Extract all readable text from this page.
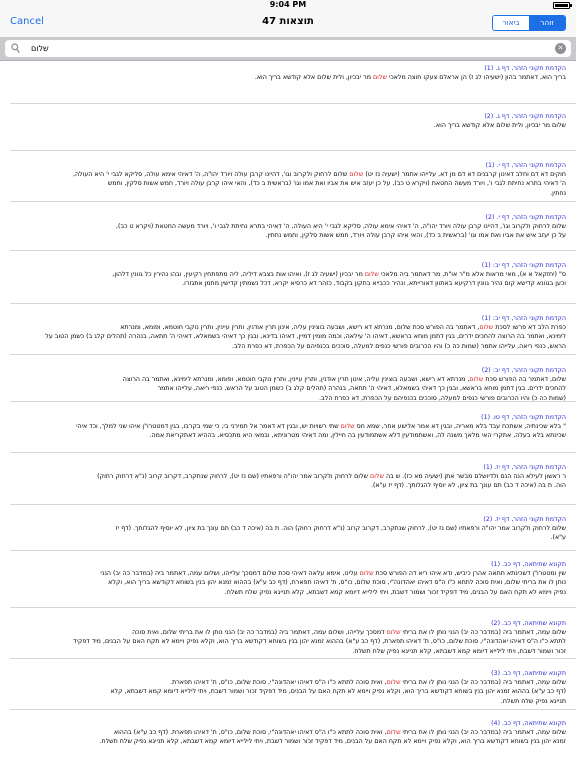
9:04 PM
Cancel	47 תוצאות	ביאור	זוהר
שלום
✕
הקדמת תקוני הזהר, דף ג. (1)
בריך הוא, דאתמר בהון (ישעיהו לג ז) הן אראלם צעקו חוצה מלאכי שלום מר יבכיון, ולית שלום אלא קודשא בריך הוא.
הקדמת תקוני הזהר, דף ג. (2)
שלום מר יבכיון, ולית שלום אלא קודשא בריך הוא.
הקדמת תקוני הזהר, דף י. (1)
חוקים דא דם וחלב דאינון קרבנים דא דם מן דא, עלייהו אתמר (ישעיה נז יט) שלום שלום לרחוק ולקרוב וגו', דהיינו קרבן עולה ויורד יהו"ה, ה' דאיהי אימא עולה, סליקא לגבי י' היא העולה,
ה' דאיהי בתרא נחיתת לגבי ו', ויורד מעשה החטאת (ויקרא ט כב), על כן יעזב איש את אביו ואת אמו וגו' (בראשית ב כד), והאי איהו קרבן עולה ויורד, חמש אשות סלקין, וחמש
נחתין.
הקדמת תקוני הזהר, דף י. (2)
שלום לרחוק ולקרוב וגו', דהיינו קרבן עולה ויורד יהו"ה, ה' דאיהי אימא עולה, סליקא לגבי י' היא העולה, ה' דאיהי בתרא נחיתת לגבי ו', ויורד מעשה החטאת (ויקרא ט כב),
על כן יעזב איש את אביו ואת אמו וגו' (בראשית ב כד), והאי איהו קרבן עולה ויורד, חמש אשות סלקין, וחמש נחתין.
הקדמת תקוני הזהר, דף יב: (1)
ס" (יחזקאל א א), מאי מראות אלא מ"ר או"ת, מר דאתמר ביה מלאכי שלום מר יבכיון (ישעיה לג ז), ואיהו אות בצבא דיליה, ליה מתפתחין רקיעין, ובהו נהירין כל גוונין דלהון,
וכען בגוונא קדישא קום נהיר גוונין דרקיעא באתוון דאורייתא, ונהיר ככבייא בתקון בקבוד, כזהר דא כרסיא יקרא, דכל נשמתין קדישין מתמן אתגזרו.
הקדמת תקוני הזהר, דף יב: (1)
כפרת הלב דא פרשו לסכת שלום, דאתמר בה הפורש סכת שלום, מנרתא דא רישא, ושבעה בוצינין עליה, אינון תרין אודנין, ותרין עיינין, ותרין נוקבי חוטמא, ופומא, ומנרתא
לימינא, ואתמר בה הרוצה להחכים ידרים, בגין דתמן מוחא בראשא, דאיהו ה' עילאה, וכמה מומין דמיין, דאיהו בדינא, ובגין כך דאיהי בשמאלא, דאיהי ה' תתאה, בנהרה (תהלים קלג ב) כשמן הטוב על
הראש, כנפי ריאה, עלייהו אתמר (שמות כה כ) והיו הכרובים פורשי כנפים למעלה, סוככים בכנפיהם על הכפרת, דא כפרת הלב.
הקדמת תקוני הזהר, דף יב: (2)
שלום, דאתמר בה הפורש סכת שלום, מנרתא דא רישא, ושבעה בוצינין עליה, אינון תרין אודנין, ותרין עיינין, ותרין נוקבי חוטמא, ופומא, ומנרתא לימינא, ואתמר בה הרוצה
להחכים ידרים, בגין דתמן מוחא בראשא, ובגין כך דאיהי בשמאלא, דאיהי ה' תתאה, בנהרה (תהלים קלג ב) כשמן הטוב על הראש, כנפי ריאה, עלייהו אתמר
(שמות כה כ) והיו הכרובים פורשי כנפים למעלה, סוככים בכנפיהם על הכפרת, דא כפרת הלב.
הקדמת תקוני הזהר, דף טו. (1)
" בלא שכינתיה, אשתכח עבד בלא מאריה, ובגין דא אמר אלישע אחר, שמא חס שלום שתי רשויות יש, ובגין דא דאמר אל תמירני בי, כי שמי בקרבו, בגין דמטטרו"ן איהו שני למלך, וכד איהי
שכינתא בלא בעלה, אתקרי האי מלאך משנה לה, ואשתמודעין דלא אשתמודעין בה חיילין, ומה דאיהי מטרוניתא, ובמאי היא מתכסיא, בההיא דאתקריאת אמה.
הקדמת תקוני הזהר, דף יז. (1)
ר ראשון לעילא הנה הנם ולדיושלם מבשר אתן (ישעיה מא כז). ש בה שלום שלום לרחוק ולקרוב אמר יהו"ה ורפאתיו (שם נז יט), לרחוק שנתקרב, דקרוב קרוב (נ"א דרחוק רחוק)
הוה. ת בה (איכה ד כב) תם עונך בת ציון, לא יוסיף להגלותך. (דף יז ע"א).
הקדמת תקוני הזהר, דף יז. (2)
שלום לרחוק ולקרוב אמר יהו"ה ורפאתיו (שם נז יט), לרחוק שנתקרב, דקרוב קרוב (נ"א דרחוק רחוק) הוה. ת בה (איכה ד כב) תם עונך בת ציון, לא יוסיף להגלותך. (דף יז
ע"א).
תקונא שתיתאה, דף כב. (1)
שין ומטטרו"ן דשכינתא תתאה אהרן כיביש, ודא איהו ריא דה הפורש סכת שלום עלינו, אימא עלאה דאיהי סכת שלום דמסכך עלייהו, ושלום עמה, דאתמר ביה (במדבר כה יב) הנני
נותן לו את בריתי שלום, ואית סוכה לתתא כ"ו ה"ס דאיהו יאהדונה"י, סוכת שלום, כו"ס, ת' דאיהו תפארת, (דף כב ע"א) בההוא זמנא יהון בנין בשוחא דקודשא בריך הוא, וקלא
נפיק ויימא לא תקח האם על הבנים, מיד דפקיד זכור ושמור דשבת, ויתי לילייא דיומא קמא דשבתא, קלא תנייגא נפיק שלח תשלח.
תקונא שתיתאה, דף כב. (2)
שלום עמה, דאתמר ביה (במדבר כה יב) הנני נותן לו את בריתי שלום דמסכך עלייהו, ושלום עמה, דאתמר ביה (במדבר כה יב) הנני נותן לו את בריתי שלום, ואית סוכה
לתתא כ"ו ה"ס דאיהו יאהדונה"י, סוכת שלום, כו"ס, ת' דאיהו תפארת, (דף כב ע"א) בההוא זמנא יהון בנין בשוחא דקודשא בריך הוא, וקלא נפיק ויימא לא תקח האם על הבנים, מיד דפקיד
זכור ושמור דשבת, ויתי לילייא דיומא קמא דשבתא, קלא תנייגא נפיק שלח תשלח.
תקונא שתיתאה, דף כב. (3)
שלום עמה, דאתמר ביה (במדבר כה יב) הנני נותן לו את בריתי שלום, ואית סוכה לתתא כ"ו ה"ס דאיהו יאהדונה"י, סוכת שלום, כו"ס, ת' דאיהו תפארת.
(דף כב ע"א) בההוא זמנא יהון בנין בשוחא דקודשא בריך הוא, וקלא נפיק ויימא לא תקח האם על הבנים, מיד דפקיד זכור ושמור דשבת, ויתי לילייא דיומא קמא דשבתא, קלא
תנייגא נפיק שלח תשלח.
תקונא שתיתאה, דף כב. (4)
שלום עמה, דאתמר ביה (במדבר כה יב) הנני נותן לו את בריתי שלום, ואית סוכה לתתא כ"ו ה"ס דאיהו יאהדונה"י, סוכת שלום, כו"ס, ת' דאיהו תפארת. (דף כב ע"א) בההוא
זמנא יהון בנין בשוחא דקודשא בריך הוא, וקלא נפיק ויימא לא תקח האם על הבנים, מיד דפקיד זכור ושמור דשבת, ויתי לילייא דיומא קמא דשבתא, קלא תנייגא נפיק שלח תשלח.
